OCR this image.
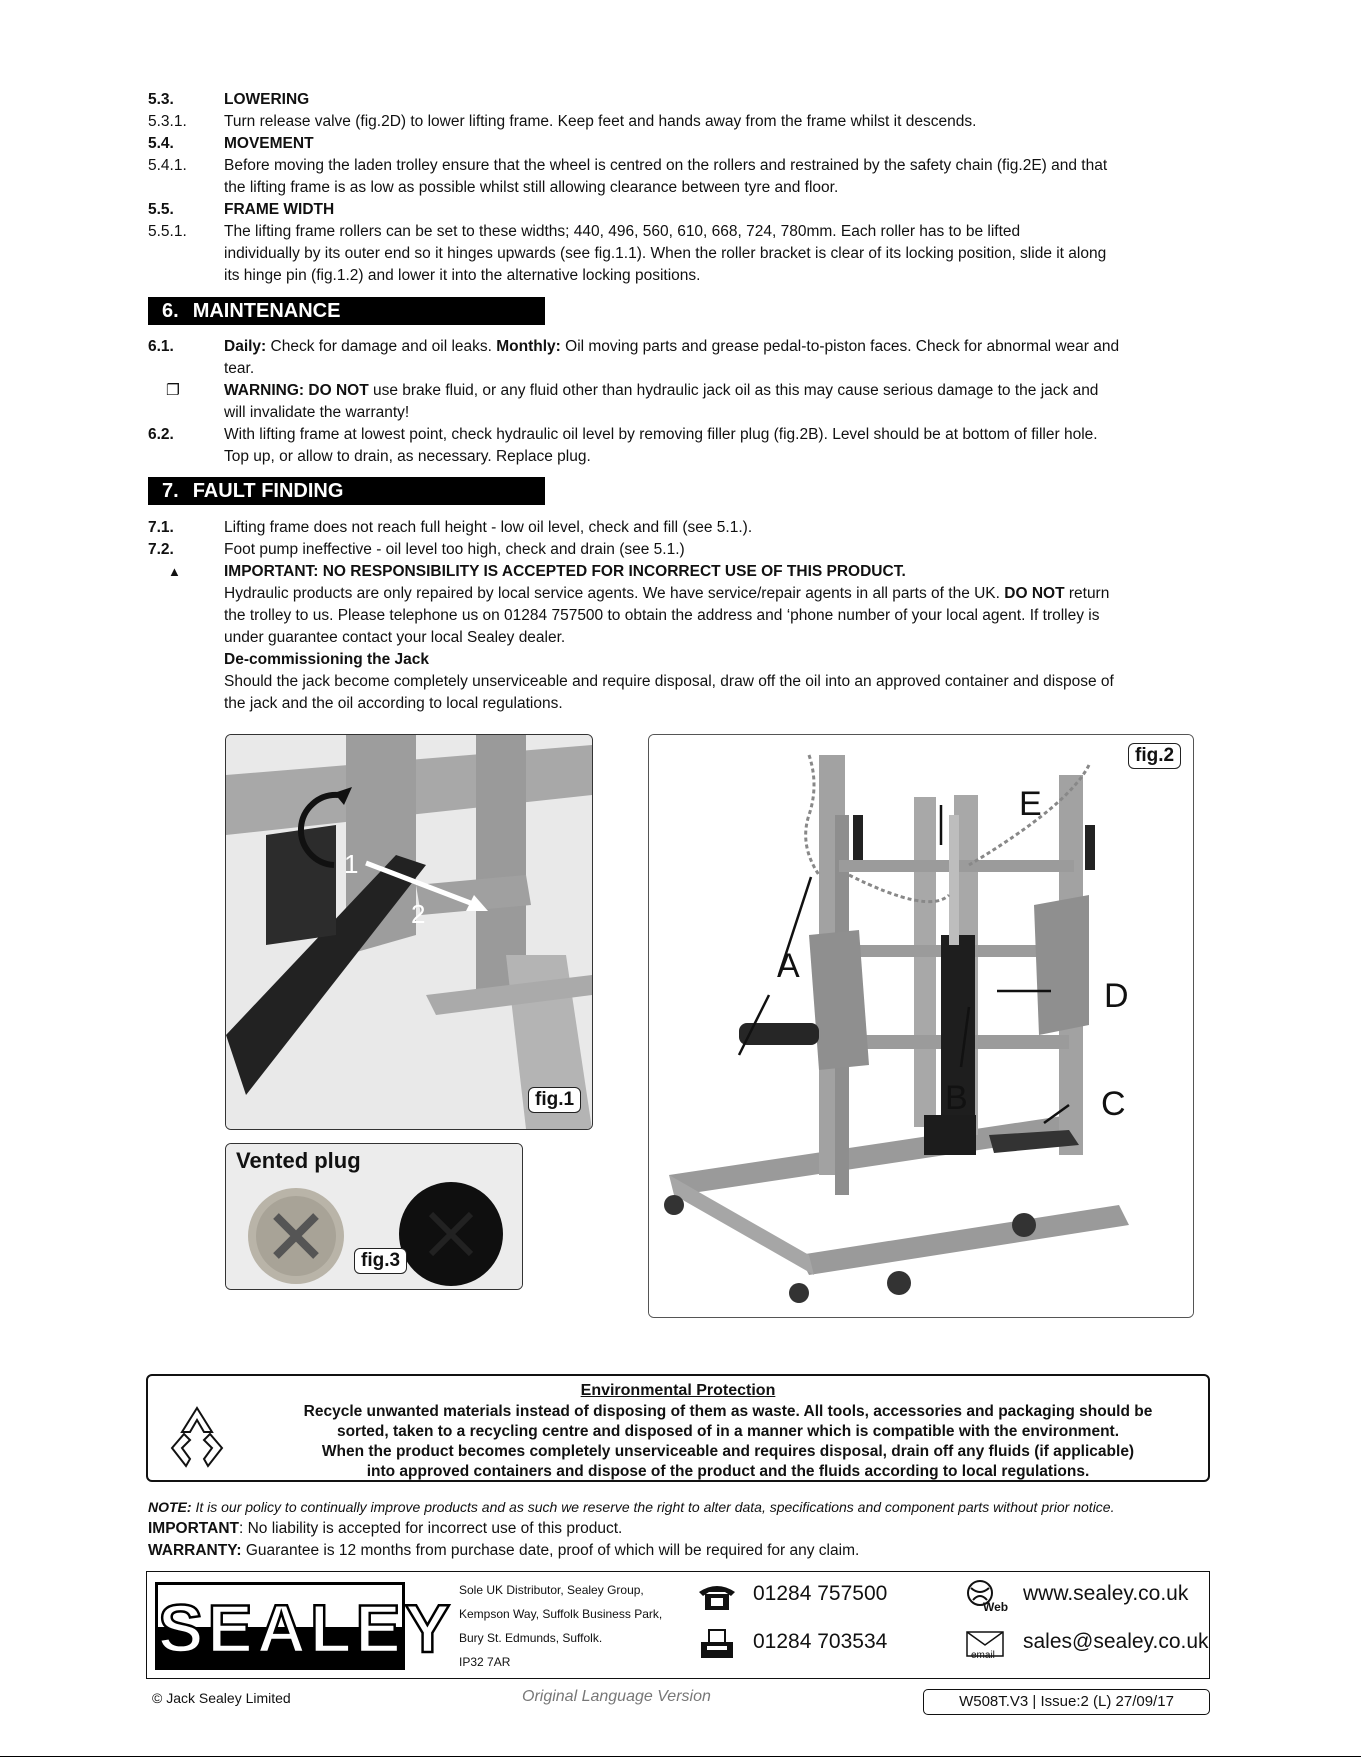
5.3.	LOWERING
5.3.1.	Turn release valve (fig.2D) to lower lifting frame. Keep feet and hands away from the frame whilst it descends.
5.4.	MOVEMENT
5.4.1.	Before moving the laden trolley ensure that the wheel is centred on the rollers and restrained by the safety chain (fig.2E) and that
the lifting frame is as low as possible whilst still allowing clearance between tyre and floor.
5.5.	FRAME WIDTH
5.5.1.	The lifting frame rollers can be set to these widths; 440, 496, 560, 610, 668, 724, 780mm. Each roller has to be lifted
individually by its outer end so it hinges upwards (see fig.1.1). When the roller bracket is clear of its locking position, slide it along
its hinge pin (fig.1.2) and lower it into the alternative locking positions.
6. MAINTENANCE
6.1.	Daily: Check for damage and oil leaks. Monthly: Oil moving parts and grease pedal-to-piston faces. Check for abnormal wear and
tear.
❐	WARNING: DO NOT use brake fluid, or any fluid other than hydraulic jack oil as this may cause serious damage to the jack and
will invalidate the warranty!
6.2.	With lifting frame at lowest point, check hydraulic oil level by removing filler plug (fig.2B). Level should be at bottom of filler hole.
Top up, or allow to drain, as necessary. Replace plug.
7. FAULT FINDING
7.1.	Lifting frame does not reach full height - low oil level, check and fill (see 5.1.).
7.2.	Foot pump ineffective - oil level too high, check and drain (see 5.1.)
▲	IMPORTANT: NO RESPONSIBILITY IS ACCEPTED FOR INCORRECT USE OF THIS PRODUCT.
Hydraulic products are only repaired by local service agents. We have service/repair agents in all parts of the UK. DO NOT return
the trolley to us. Please telephone us on 01284 757500 to obtain the address and ‘phone number of your local agent. If trolley is
under guarantee contact your local Sealey dealer.
De-commissioning the Jack
Should the jack become completely unserviceable and require disposal, draw off the oil into an approved container and dispose of
the jack and the oil according to local regulations.
1
2
fig.1
Vented plug
fig.3
A
B	C
D
E
fig.2
Environmental Protection
Recycle unwanted materials instead of disposing of them as waste. All tools, accessories and packaging should be
sorted, taken to a recycling centre and disposed of in a manner which is compatible with the environment.
When the product becomes completely unserviceable and requires disposal, drain off any fluids (if applicable)
into approved containers and dispose of the product and the fluids according to local regulations.
NOTE: It is our policy to continually improve products and as such we reserve the right to alter data, specifications and component parts without prior notice.
IMPORTANT: No liability is accepted for incorrect use of this product.
WARRANTY: Guarantee is 12 months from purchase date, proof of which will be required for any claim.
SEALEY
Sole UK Distributor, Sealey Group,
Kempson Way, Suffolk Business Park,
Bury St. Edmunds, Suffolk.
IP32 7AR
01284 757500
01284 703534
Web
www.sealey.co.uk
email
sales@sealey.co.uk
© Jack Sealey Limited	Original Language Version	W508T.V3 | Issue:2 (L) 27/09/17
